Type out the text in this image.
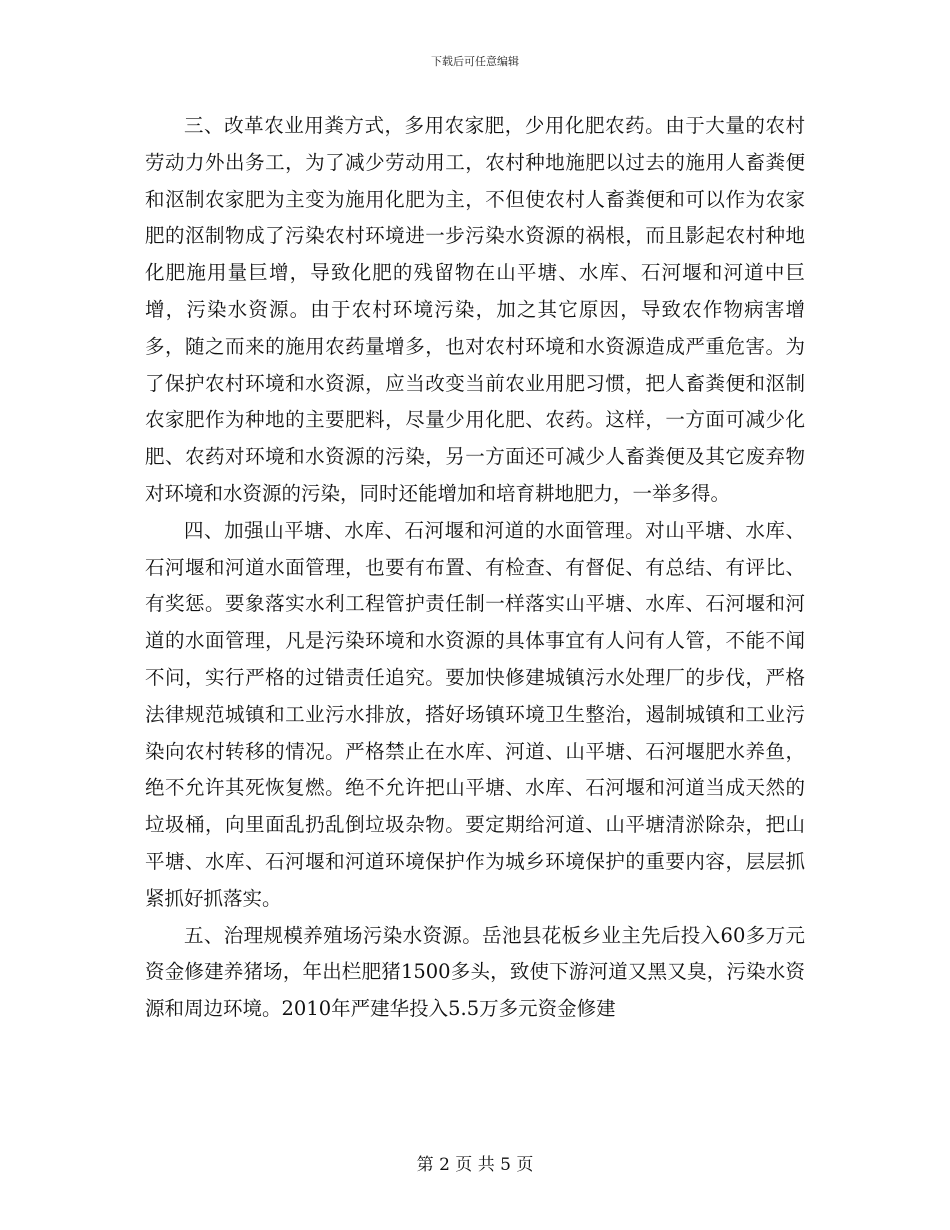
下载后可任意编辑

三、改革农业用粪方式，多用农家肥，少用化肥农药。由于大量的农村劳动力外出务工，为了减少劳动用工，农村种地施肥以过去的施用人畜粪便和沤制农家肥为主变为施用化肥为主，不但使农村人畜粪便和可以作为农家肥的沤制物成了污染农村环境进一步污染水资源的祸根，而且影起农村种地化肥施用量巨增，导致化肥的残留物在山平塘、水库、石河堰和河道中巨增，污染水资源。由于农村环境污染，加之其它原因，导致农作物病害增多，随之而来的施用农药量增多，也对农村环境和水资源造成严重危害。为了保护农村环境和水资源，应当改变当前农业用肥习惯，把人畜粪便和沤制农家肥作为种地的主要肥料，尽量少用化肥、农药。这样，一方面可减少化肥、农药对环境和水资源的污染，另一方面还可减少人畜粪便及其它废弃物对环境和水资源的污染，同时还能增加和培育耕地肥力，一举多得。

四、加强山平塘、水库、石河堰和河道的水面管理。对山平塘、水库、石河堰和河道水面管理，也要有布置、有检查、有督促、有总结、有评比、有奖惩。要象落实水利工程管护责任制一样落实山平塘、水库、石河堰和河道的水面管理，凡是污染环境和水资源的具体事宜有人问有人管，不能不闻不问，实行严格的过错责任追究。要加快修建城镇污水处理厂的步伐，严格法律规范城镇和工业污水排放，搭好场镇环境卫生整治，遏制城镇和工业污染向农村转移的情况。严格禁止在水库、河道、山平塘、石河堰肥水养鱼，绝不允许其死恢复燃。绝不允许把山平塘、水库、石河堰和河道当成天然的垃圾桶，向里面乱扔乱倒垃圾杂物。要定期给河道、山平塘清淤除杂，把山平塘、水库、石河堰和河道环境保护作为城乡环境保护的重要内容，层层抓紧抓好抓落实。

五、治理规模养殖场污染水资源。岳池县花板乡业主先后投入60多万元资金修建养猪场，年出栏肥猪1500多头，致使下游河道又黑又臭，污染水资源和周边环境。2010年严建华投入5.5万多元资金修建

第 2 页 共 5 页
